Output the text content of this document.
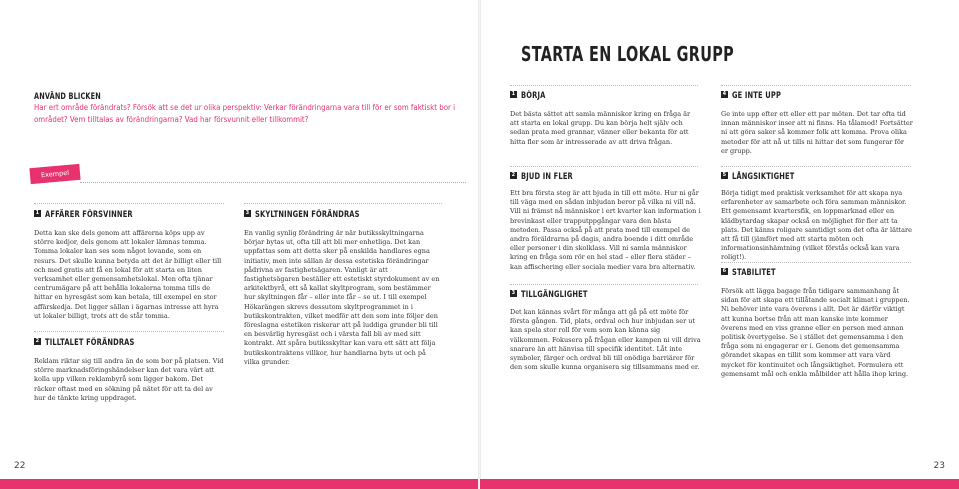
ANVÄND BLICKEN
Har ert område förändrats? Försök att se det ur olika perspektiv: Verkar förändringarna vara till för er som faktiskt bor i området? Vem tilltalas av förändringarna? Vad har försvunnit eller tillkommit?
Exempel
1 AFFÄRER FÖRSVINNER
Detta kan ske dels genom att affärerna köps upp av större kedjor, dels genom att lokaler lämnas tomma. Tomma lokaler kan ses som något lovande, som en resurs. Det skulle kunna betyda att det är billigt eller till och med gratis att få en lokal för att starta en liten verksamhet eller gemensamhetslokal. Men ofta tjänar centrumägare på att behålla lokalerna tomma tills de hittar en hyresgäst som kan betala, till exempel en stor affärskedja. Det ligger sällan i ägarnas intresse att hyra ut lokaler billigt, trots att de står tomma.
2 TILLTALET FÖRÄNDRAS
Reklam riktar sig till andra än de som bor på platsen. Vid större marknadsföringshändelser kan det vara värt att kolla upp vilken reklambyrå som ligger bakom. Det räcker oftast med en sökning på nätet för att ta del av hur de tänkte kring uppdraget.
3 SKYLTNINGEN FÖRÄNDRAS
En vanlig synlig förändring är när butiksskyltningarna börjar bytas ut, ofta till att bli mer enhetliga. Det kan uppfattas som att detta sker på enskilda handlares egna initiativ, men inte sällan är dessa estetiska förändringar pådrivna av fastighetsägaren. Vanligt är att fastighetsägaren beställer ett estetiskt styrdokument av en arkitektbyrå, ett så kallat skyltprogram, som bestämmer hur skyltningen får – eller inte får – se ut. I till exempel Hökarängen skrevs dessutom skyltprogrammet in i butikskontrakten, vilket medför att den som inte följer den föreslagna estetiken riskerar att på luddiga grunder bli till en besvärlig hyresgäst och i värsta fall bli av med sitt kontrakt. Att spåra butiksskyltar kan vara ett sätt att följa butikskontraktens villkor, hur handlarna byts ut och på vilka grunder.
22
STARTA EN LOKAL GRUPP
1 BÖRJA
Det bästa sättet att samla människor kring en fråga är att starta en lokal grupp. Du kan börja helt själv och sedan prata med grannar, vänner eller bekanta för att hitta fler som är intresserade av att driva frågan.
2 BJUD IN FLER
Ett bra första steg är att bjuda in till ett möte. Hur ni går till väga med en sådan inbjudan beror på vilka ni vill nå. Vill ni främst nå människor i ert kvarter kan information i brevinkast eller trapputppgångar vara den bästa metoden. Passa också på att prata med till exempel de andra föräldrarna på dagis, andra boende i ditt område eller personer i din skolklass. Vill ni samla människor kring en fråga som rör en hel stad – eller flera städer – kan affischering eller sociala medier vara bra alternativ.
3 TILLGÄNGLIGHET
Det kan kännas svårt för många att gå på ett möte för första gången. Tid, plats, ordval och hur inbjudan ser ut kan spela stor roll för vem som kan känna sig välkommen. Fokusera på frågan eller kampen ni vill driva snarare än att hänvisa till specifik identitet. Låt inte symboler, färger och ordval bli till onödiga barriärer för den som skulle kunna organisera sig tillsammans med er.
4 GE INTE UPP
Ge inte upp efter ett eller ett par möten. Det tar ofta tid innan människor inser att ni finns. Ha tålamod! Fortsätter ni att göra saker så kommer folk att komma. Prova olika metoder för att nå ut tills ni hittar det som fungerar för er grupp.
5 LÅNGSIKTIGHET
Börja tidigt med praktisk verksamhet för att skapa nya erfarenheter av samarbete och föra samman människor. Ett gemensamt kvartersfik, en loppmarknad eller en klädbytardag skapar också en möjlighet för fler att ta plats. Det känns roligare samtidigt som det ofta är lättare att få till (jämfört med att starta möten och informationsinhämtning (vilket förstås också kan vara roligt!).
6 STABILITET
Försök att lägga bagage från tidigare sammanhang åt sidan för att skapa ett tillåtande socialt klimat i gruppen. Ni behöver inte vara överens i allt. Det är därför viktigt att kunna bortse från att man kanske inte kommer överens med en viss granne eller en person med annan politisk övertygelse. Se i stället det gemensamma i den fråga som ni engagerar er i. Genom det gemensamma görandet skapas en tillit som kommer att vara värd mycket för kontinuitet och långsiktighet. Formulera ett gemensamt mål och enkla målbilder att hålla ihop kring.
23
